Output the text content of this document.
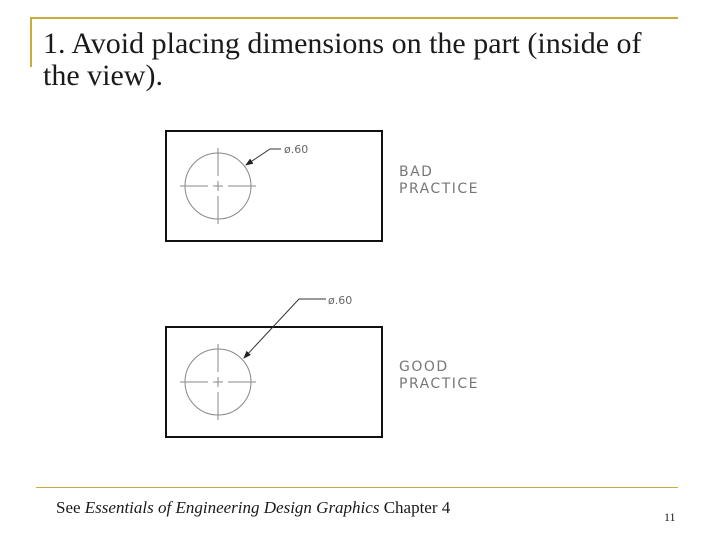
1. Avoid placing dimensions on the part (inside of the view).
ø.60
BAD
PRACTICE
ø.60
GOOD
PRACTICE
See Essentials of Engineering Design Graphics Chapter 4	11
